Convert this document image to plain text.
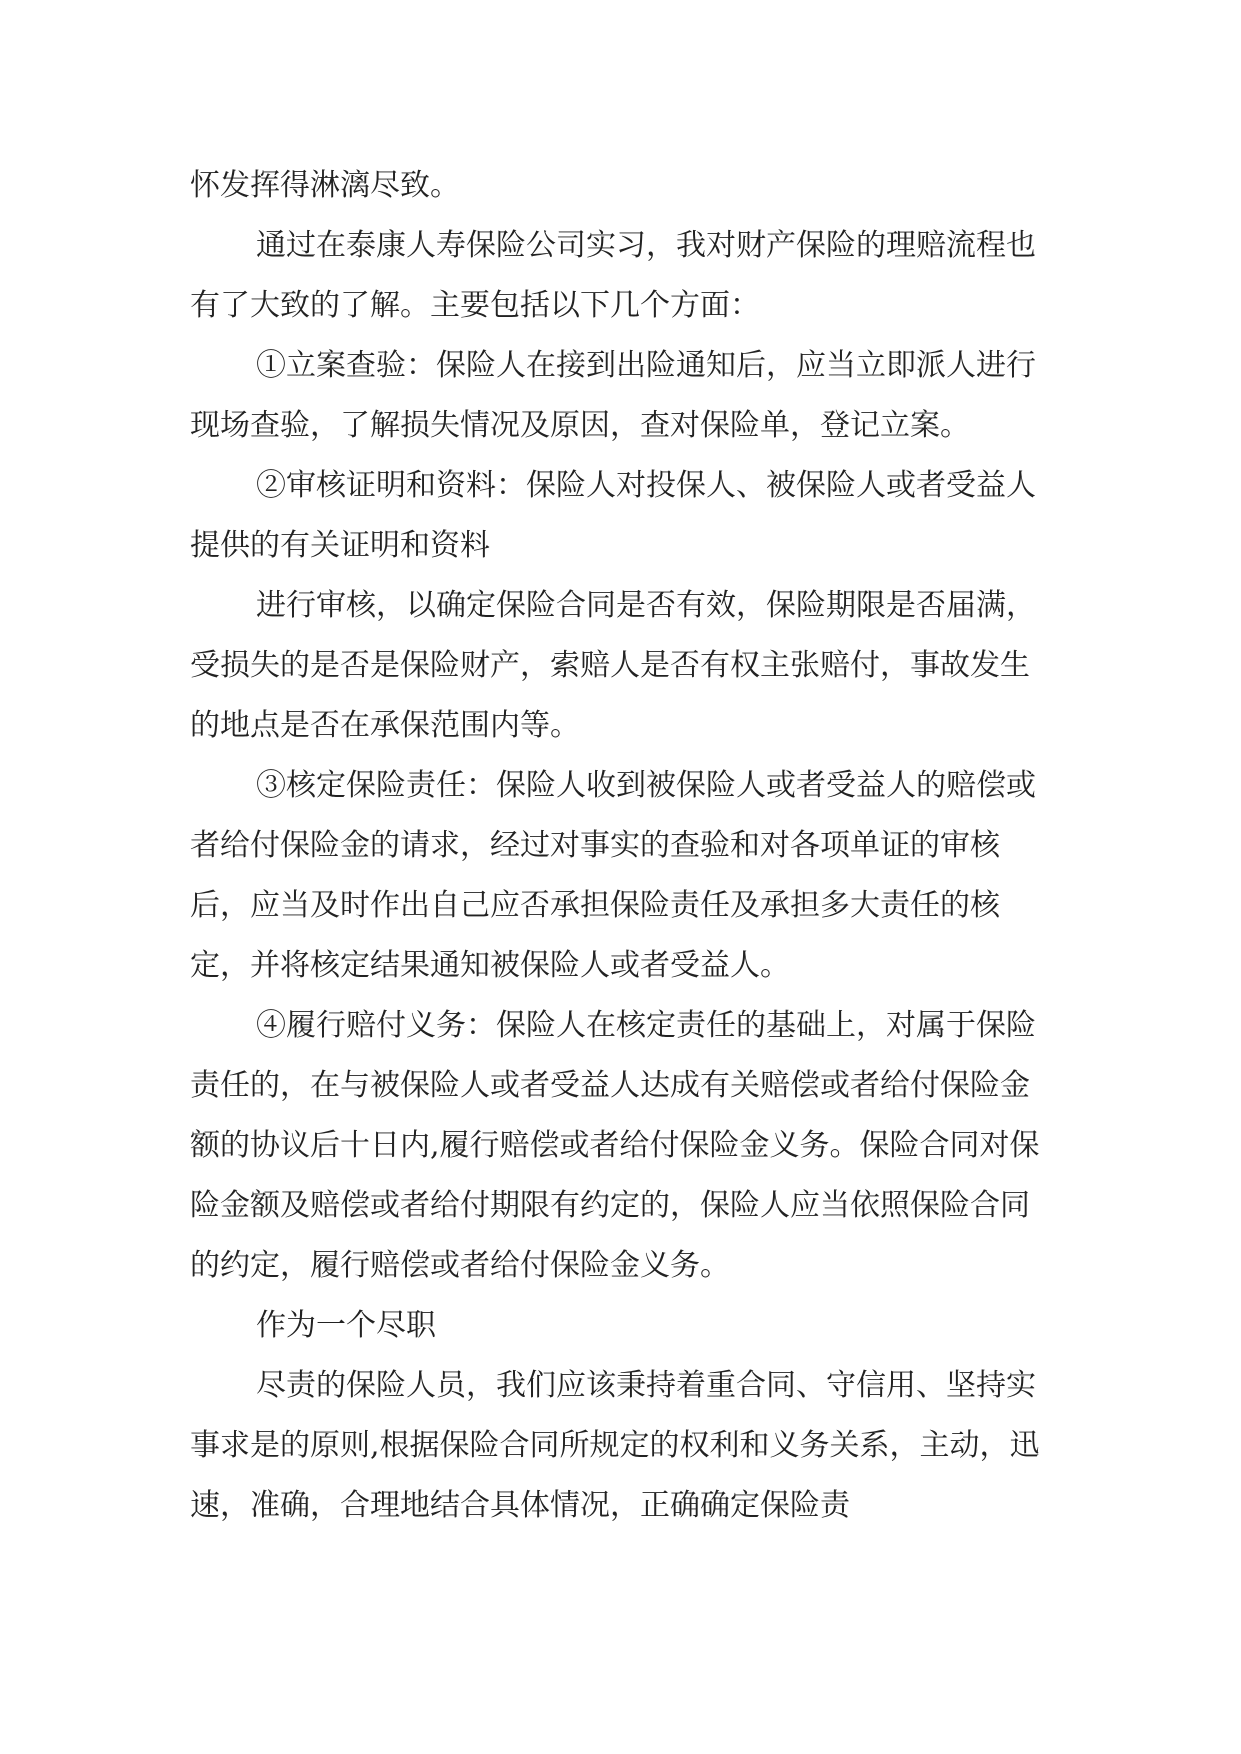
怀发挥得淋漓尽致。

通过在泰康人寿保险公司实习，我对财产保险的理赔流程也有了大致的了解。主要包括以下几个方面：

①立案查验：保险人在接到出险通知后，应当立即派人进行现场查验，了解损失情况及原因，查对保险单，登记立案。

②审核证明和资料：保险人对投保人、被保险人或者受益人提供的有关证明和资料

进行审核，以确定保险合同是否有效，保险期限是否届满，受损失的是否是保险财产，索赔人是否有权主张赔付，事故发生的地点是否在承保范围内等。

③核定保险责任：保险人收到被保险人或者受益人的赔偿或者给付保险金的请求，经过对事实的查验和对各项单证的审核后，应当及时作出自己应否承担保险责任及承担多大责任的核定，并将核定结果通知被保险人或者受益人。

④履行赔付义务：保险人在核定责任的基础上，对属于保险责任的，在与被保险人或者受益人达成有关赔偿或者给付保险金额的协议后十日内,履行赔偿或者给付保险金义务。保险合同对保险金额及赔偿或者给付期限有约定的，保险人应当依照保险合同的约定，履行赔偿或者给付保险金义务。

作为一个尽职

尽责的保险人员，我们应该秉持着重合同、守信用、坚持实事求是的原则,根据保险合同所规定的权利和义务关系，主动，迅速，准确，合理地结合具体情况，正确确定保险责
